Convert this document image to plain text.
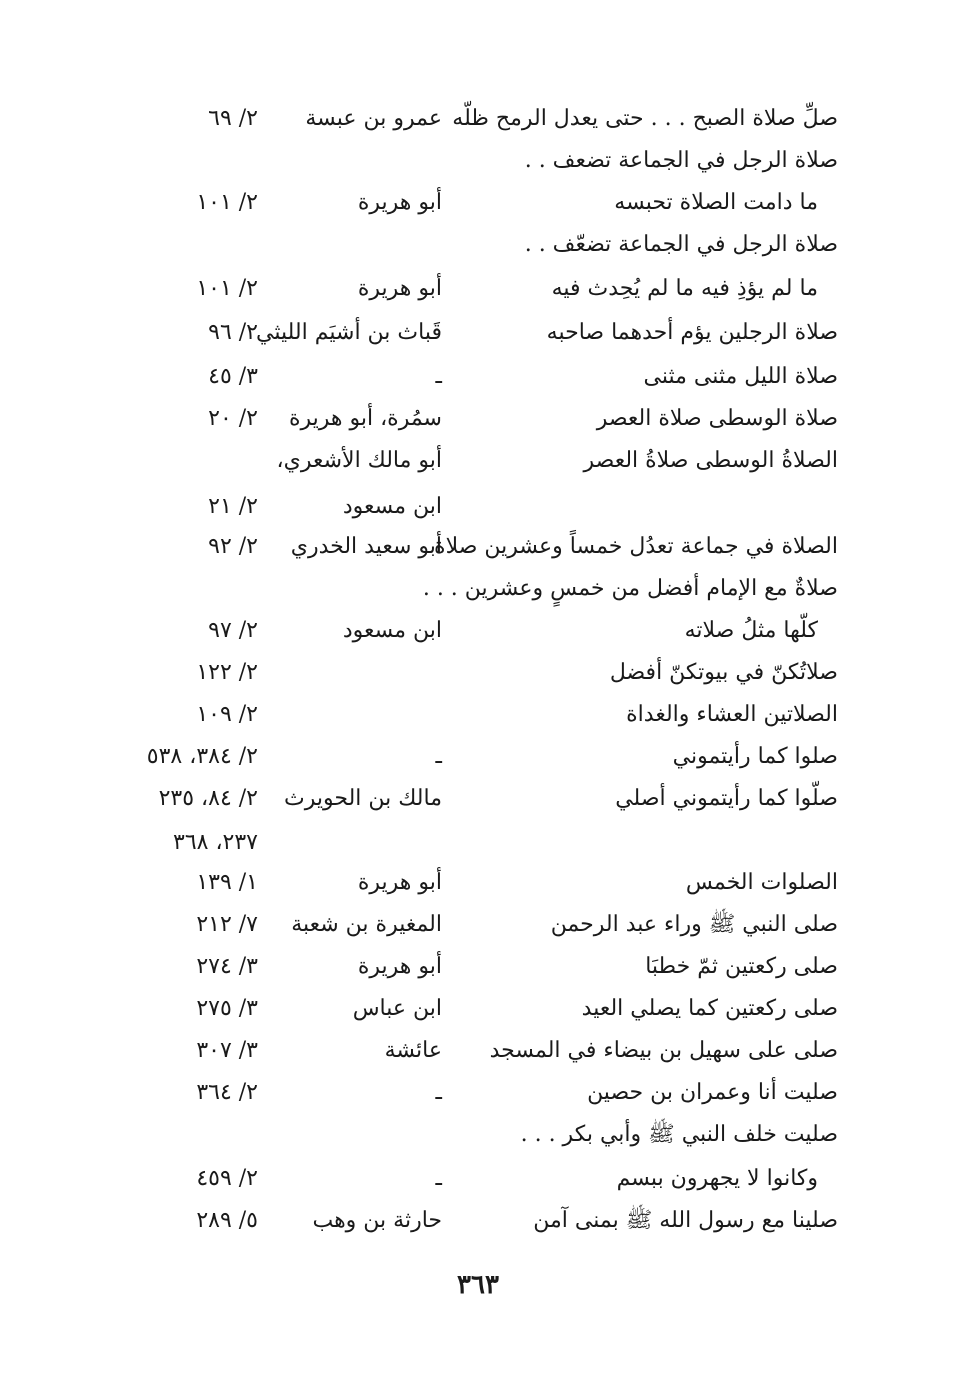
صلِّ صلاة الصبح . . . حتى يعدل الرمح ظلّه
عمرو بن عبسة
٢/ ٦٩
صلاة الرجل في الجماعة تضعف . .
ما دامت الصلاة تحبسه
أبو هريرة
٢/ ١٠١
صلاة الرجل في الجماعة تضعّف . .
ما لم يؤذِ فيه ما لم يُحِدث فيه
أبو هريرة
٢/ ١٠١
صلاة الرجلين يؤم أحدهما صاحبه
قَباث بن أشيَم الليثي
٢/ ٩٦
صلاة الليل مثنى مثنى
ـ
٣/ ٤٥
صلاة الوسطى صلاة العصر
سمُرة، أبو هريرة
٢/ ٢٠
الصلاةُ الوسطى صلاةُ العصر
أبو مالك الأشعري،
ابن مسعود
٢/ ٢١
الصلاة في جماعة تعدُل خمساً وعشرين صلاة
أبو سعيد الخدري
٢/ ٩٢
صلاةٌ مع الإمام أفضل من خمسٍ وعشرين . . .
كلّها مثلُ صلاته
ابن مسعود
٢/ ٩٧
صلاتُكنّ في بيوتكنّ أفضل
٢/ ١٢٢
الصلاتين العشاء والغداة
٢/ ١٠٩
صلوا كما رأيتموني
ـ
٢/ ٣٨٤، ٥٣٨
صلّوا كما رأيتموني أصلي
مالك بن الحويرث
٢/ ٨٤، ٢٣٥
٢٣٧، ٣٦٨
الصلوات الخمس
أبو هريرة
١/ ١٣٩
صلى النبي ﷺ وراء عبد الرحمن
المغيرة بن شعبة
٧/ ٢١٢
صلى ركعتين ثمّ خطبَا
أبو هريرة
٣/ ٢٧٤
صلى ركعتين كما يصلي العيد
ابن عباس
٣/ ٢٧٥
صلى على سهيل بن بيضاء في المسجد
عائشة
٣/ ٣٠٧
صليت أنا وعمران بن حصين
ـ
٢/ ٣٦٤
صليت خلف النبي ﷺ وأبي بكر . . .
وكانوا لا يجهرون ببسم
ـ
٢/ ٤٥٩
صلينا مع رسول الله ﷺ بمنى آمن
حارثة بن وهب
٥/ ٢٨٩
٣٦٣
